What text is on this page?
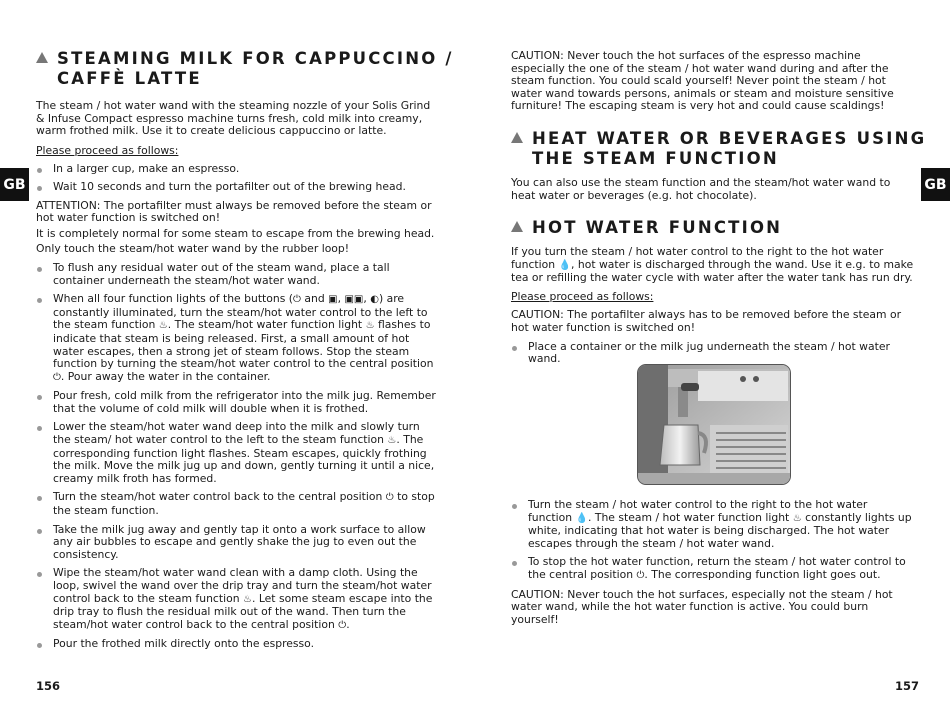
GB	GB
STEAMING MILK FOR CAPPUCCINO /
CAFFÈ LATTE

The steam / hot water wand with the steaming nozzle of your Solis Grind & Infuse Compact espresso machine turns fresh, cold milk into creamy, warm frothed milk. Use it to create delicious cappuccino or latte.

Please proceed as follows:

In a larger cup, make an espresso.
Wait 10 seconds and turn the portafilter out of the brewing head.

ATTENTION: The portafilter must always be removed before the steam or hot water function is switched on!

It is completely normal for some steam to escape from the brewing head.

Only touch the steam/hot water wand by the rubber loop!

To flush any residual water out of the steam wand, place a tall container underneath the steam/hot water wand.
When all four function lights of the buttons (⏻ and ▣, ▣▣, ◐) are constantly illuminated, turn the steam/hot water control to the left to the steam function ♨. The steam/hot water function light ♨ flashes to indicate that steam is being released. First, a small amount of hot water escapes, then a strong jet of steam follows. Stop the steam function by turning the steam/hot water control to the central position ⏻. Pour away the water in the container.
Pour fresh, cold milk from the refrigerator into the milk jug. Remember that the volume of cold milk will double when it is frothed.
Lower the steam/hot water wand deep into the milk and slowly turn the steam/ hot water control to the left to the steam function ♨. The corresponding function light flashes. Steam escapes, quickly frothing the milk. Move the milk jug up and down, gently turning it until a nice, creamy milk froth has formed.
Turn the steam/hot water control back to the central position ⏻ to stop the steam function.
Take the milk jug away and gently tap it onto a work surface to allow any air bubbles to escape and gently shake the jug to even out the consistency.
Wipe the steam/hot water wand clean with a damp cloth. Using the loop, swivel the wand over the drip tray and turn the steam/hot water control back to the steam function ♨. Let some steam escape into the drip tray to flush the residual milk out of the wand. Then turn the steam/hot water control back to the central position ⏻.
Pour the frothed milk directly onto the espresso.
156

CAUTION: Never touch the hot surfaces of the espresso machine especially the one of the steam / hot water wand during and after the steam function. You could scald yourself! Never point the steam / hot water wand towards persons, animals or steam and moisture sensitive furniture! The escaping steam is very hot and could cause scaldings!

HEAT WATER OR BEVERAGES USING
THE STEAM FUNCTION

You can also use the steam function and the steam/hot water wand to heat water or beverages (e.g. hot chocolate).

HOT WATER FUNCTION

If you turn the steam / hot water control to the right to the hot water function 💧, hot water is discharged through the wand. Use it e.g. to make tea or refilling the water cycle with water after the water tank has run dry.

Please proceed as follows:

CAUTION: The portafilter always has to be removed before the steam or hot water function is switched on!

Place a container or the milk jug underneath the steam / hot water wand.
Turn the steam / hot water control to the right to the hot water function 💧. The steam / hot water function light ♨ constantly lights up white, indicating that hot water is being discharged. The hot water escapes through the steam / hot water wand.
To stop the hot water function, return the steam / hot water control to the central position ⏻. The corresponding function light goes out.

CAUTION: Never touch the hot surfaces, especially not the steam / hot water wand, while the hot water function is active. You could burn yourself!

157
